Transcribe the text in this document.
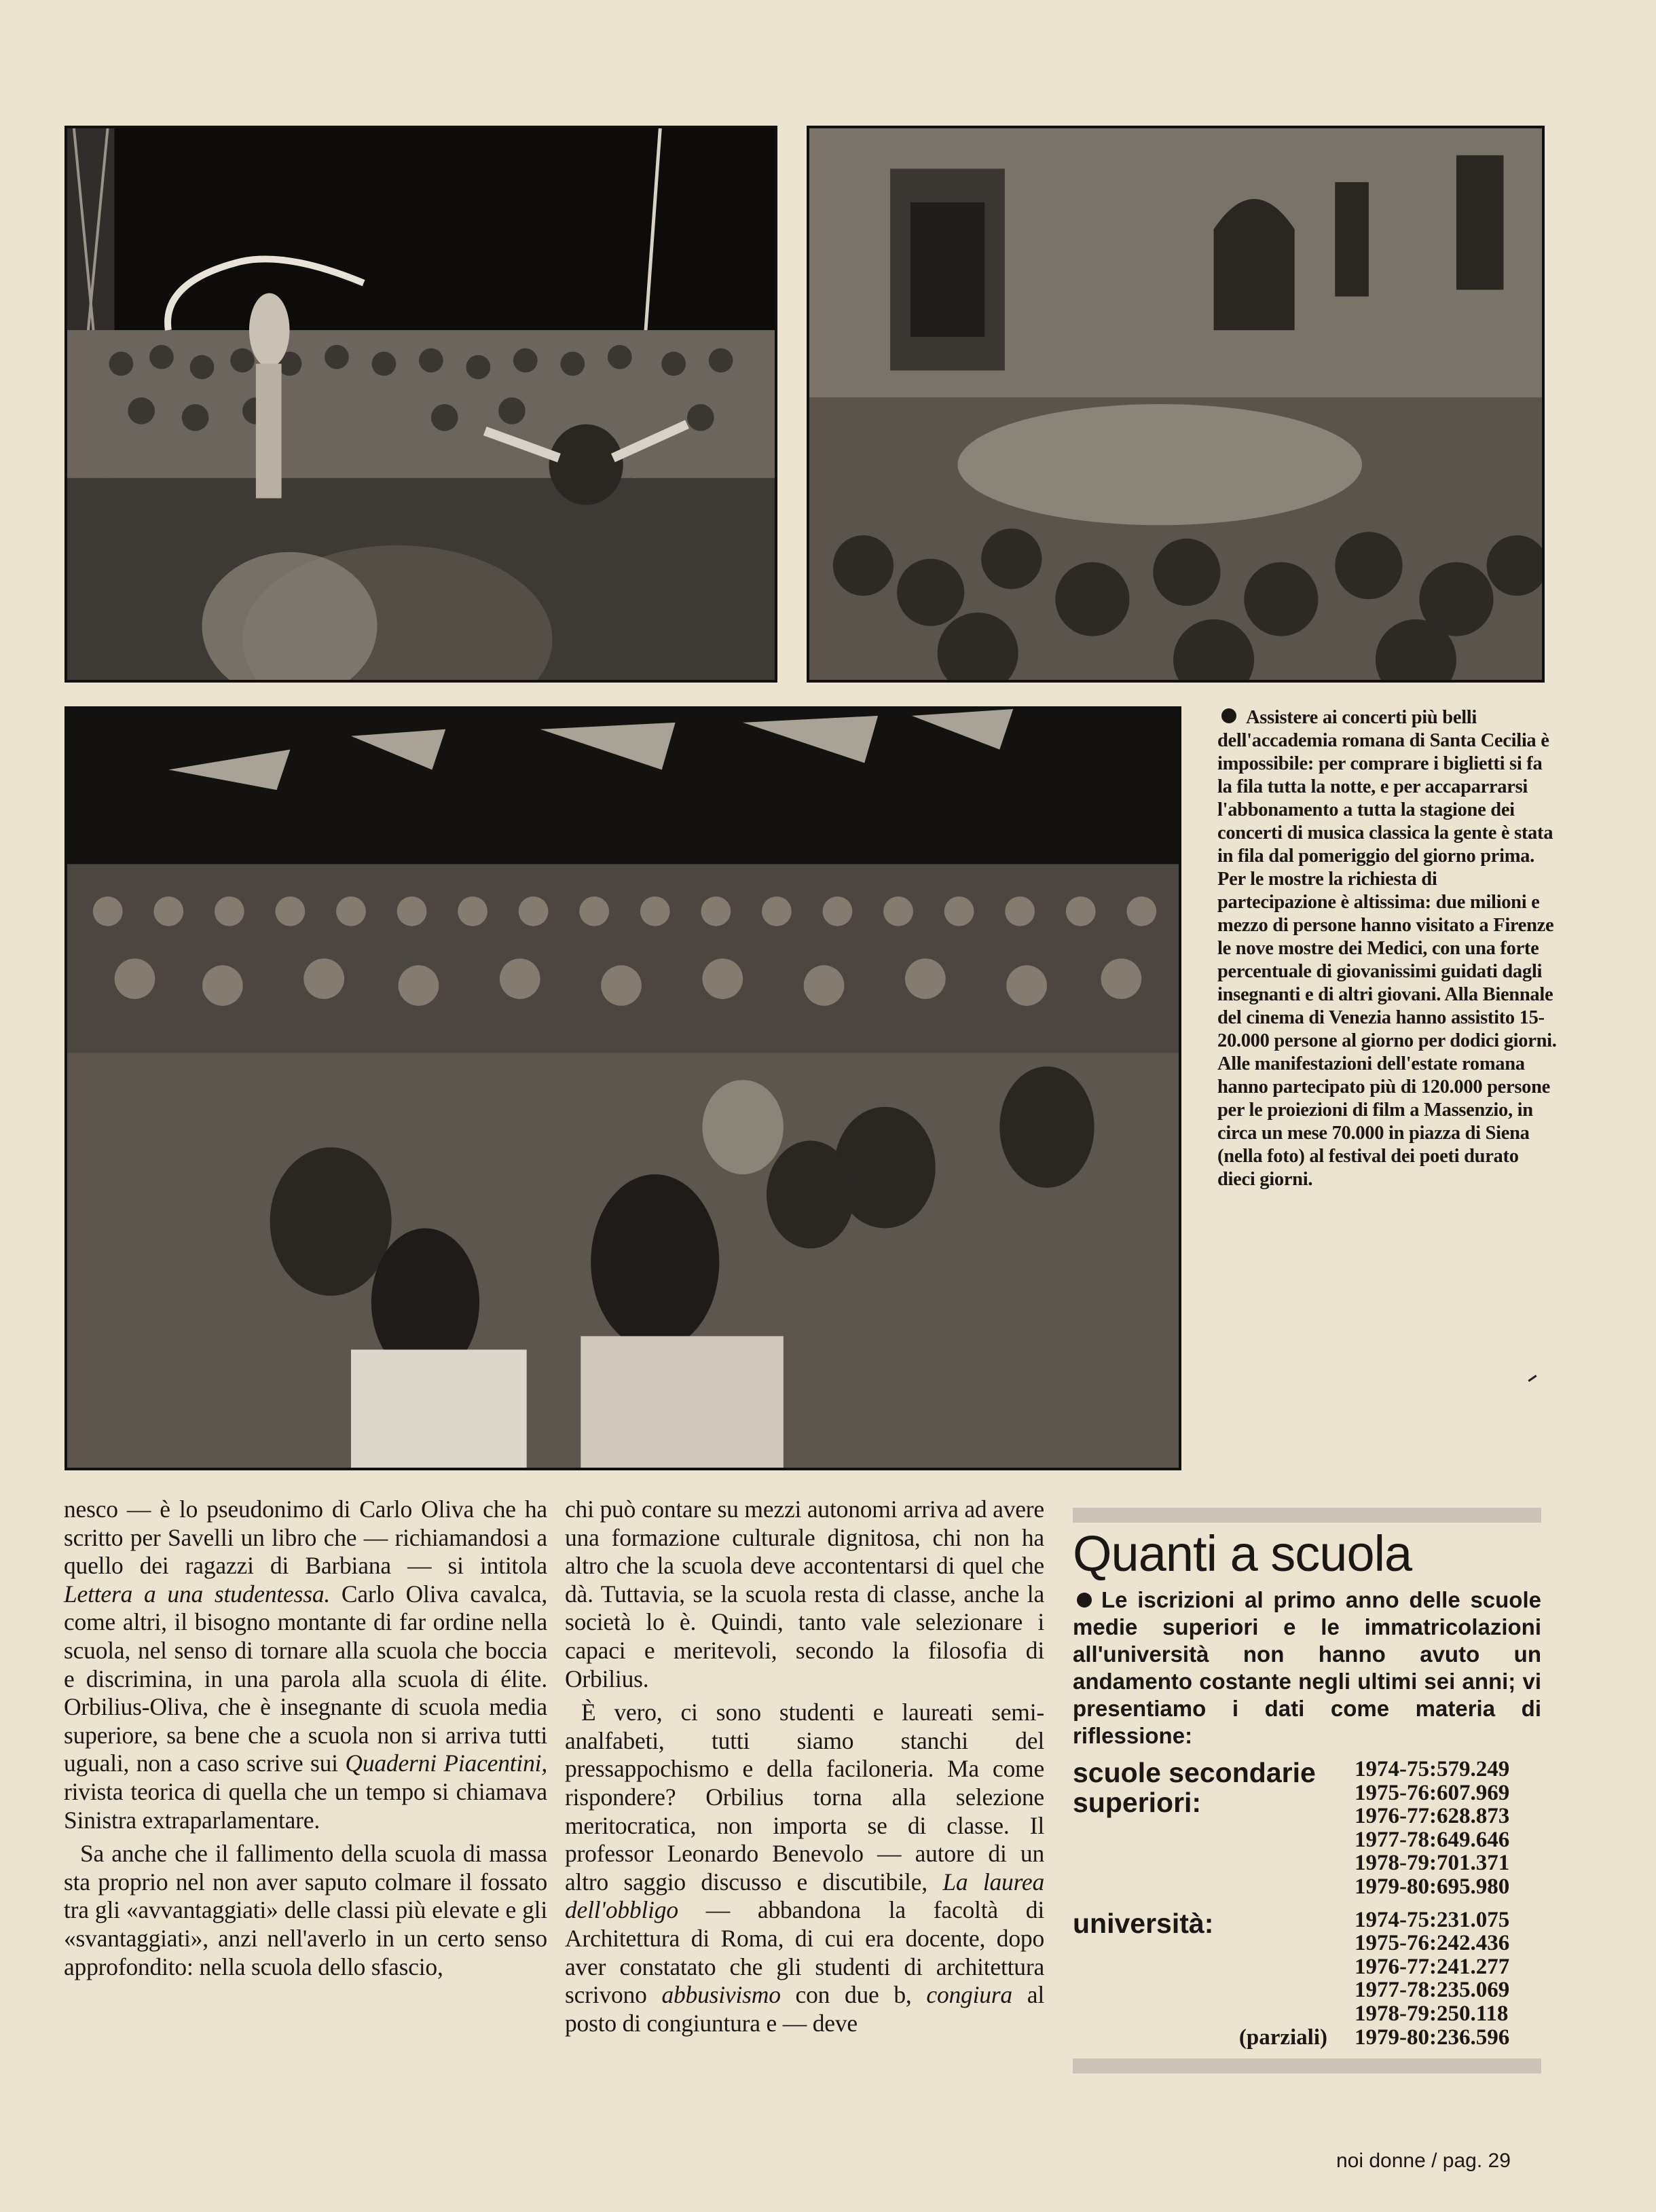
Assistere ai concerti più belli dell'accademia romana di Santa Cecilia è impossibile: per comprare i biglietti si fa la fila tutta la notte, e per accaparrarsi l'abbonamento a tutta la stagione dei concerti di musica classica la gente è stata in fila dal pomeriggio del giorno prima. Per le mostre la richiesta di partecipazione è altissima: due milioni e mezzo di persone hanno visitato a Firenze le nove mostre dei Medici, con una forte percentuale di giovanissimi guidati dagli insegnanti e di altri giovani. Alla Biennale del cinema di Venezia hanno assistito 15-20.000 persone al giorno per dodici giorni. Alle manifestazioni dell'estate romana hanno partecipato più di 120.000 persone per le proiezioni di film a Massenzio, in circa un mese 70.000 in piazza di Siena (nella foto) al festival dei poeti durato dieci giorni.

nesco — è lo pseudonimo di Carlo Oliva che ha scritto per Savelli un libro che — richiamandosi a quello dei ragazzi di Barbiana — si intitola Lettera a una studentessa. Carlo Oliva cavalca, come altri, il bisogno montante di far ordine nella scuola, nel senso di tornare alla scuola che boccia e discrimina, in una parola alla scuola di élite. Orbilius-Oliva, che è insegnante di scuola media superiore, sa bene che a scuola non si arriva tutti uguali, non a caso scrive sui Quaderni Piacentini, rivista teorica di quella che un tempo si chiamava Sinistra extraparlamentare.

Sa anche che il fallimento della scuola di massa sta proprio nel non aver saputo colmare il fossato tra gli «avvantaggiati» delle classi più elevate e gli «svantaggiati», anzi nell'averlo in un certo senso approfondito: nella scuola dello sfascio,

chi può contare su mezzi autonomi arriva ad avere una formazione culturale dignitosa, chi non ha altro che la scuola deve accontentarsi di quel che dà. Tuttavia, se la scuola resta di classe, anche la società lo è. Quindi, tanto vale selezionare i capaci e meritevoli, secondo la filosofia di Orbilius.

È vero, ci sono studenti e laureati semi-analfabeti, tutti siamo stanchi del pressappochismo e della faciloneria. Ma come rispondere? Orbilius torna alla selezione meritocratica, non importa se di classe. Il professor Leonardo Benevolo — autore di un altro saggio discusso e discutibile, La laurea dell'obbligo — abbandona la facoltà di Architettura di Roma, di cui era docente, dopo aver constatato che gli studenti di architettura scrivono abbusivismo con due b, congiura al posto di congiuntura e — deve

Quanti a scuola

Le iscrizioni al primo anno delle scuole medie superiori e le immatricolazioni all'università non hanno avuto un andamento costante negli ultimi sei anni; vi presentiamo i dati come materia di riflessione:

scuole secondarie superiori:
1974-75:579.249
1975-76:607.969
1976-77:628.873
1977-78:649.646
1978-79:701.371
1979-80:695.980
università:	1974-75:231.075
1975-76:242.436
1976-77:241.277
1977-78:235.069
1978-79:250.118
(parziali) 1979-80:236.596
noi donne / pag. 29
